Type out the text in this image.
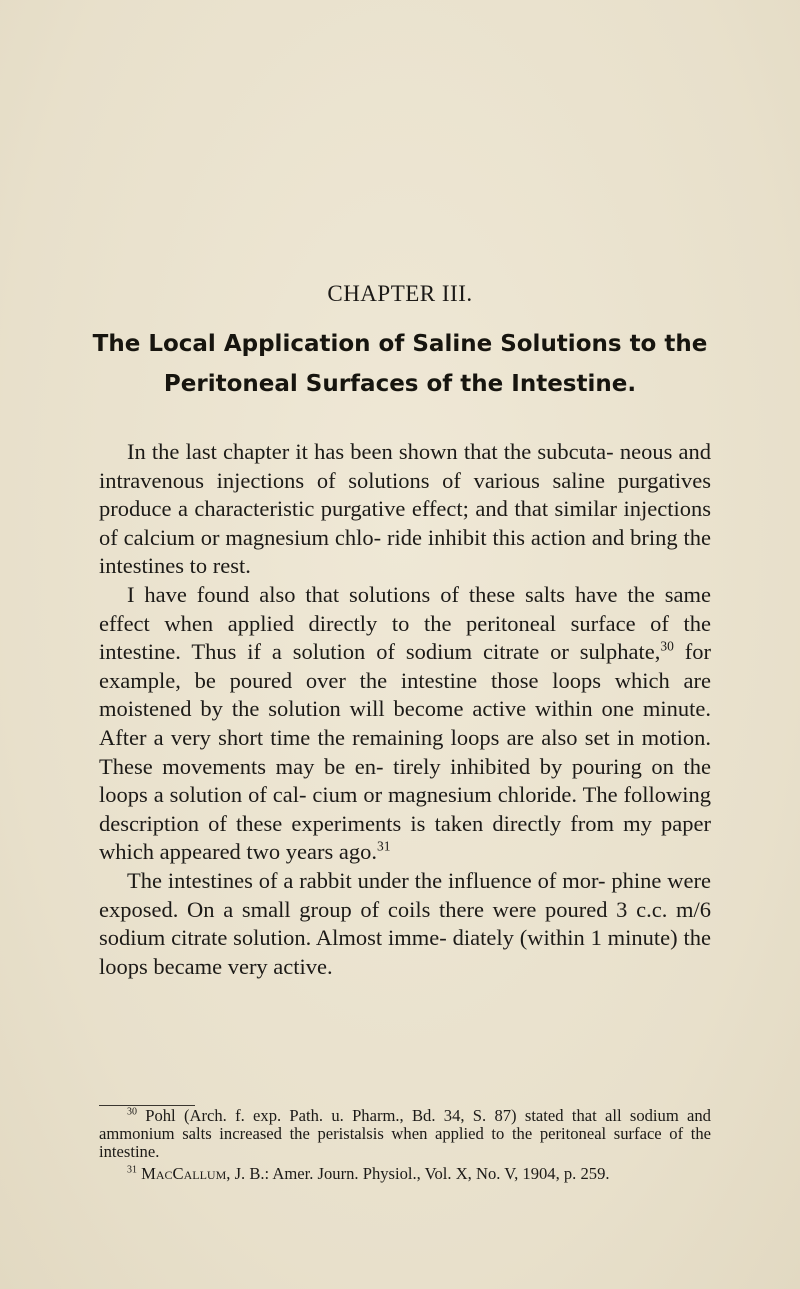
CHAPTER III.
The Local Application of Saline Solutions to the
Peritoneal Surfaces of the Intestine.

In the last chapter it has been shown that the subcuta- neous and intravenous injections of solutions of various saline purgatives produce a characteristic purgative effect; and that similar injections of calcium or magnesium chlo- ride inhibit this action and bring the intestines to rest.

I have found also that solutions of these salts have the same effect when applied directly to the peritoneal surface of the intestine. Thus if a solution of sodium citrate or sulphate,$^{30}$ for example, be poured over the intestine those loops which are moistened by the solution will become active within one minute. After a very short time the remaining loops are also set in motion. These movements may be en- tirely inhibited by pouring on the loops a solution of cal- cium or magnesium chloride. The following description of these experiments is taken directly from my paper which appeared two years ago.$^{31}$

The intestines of a rabbit under the influence of mor- phine were exposed. On a small group of coils there were poured 3 c.c. m/6 sodium citrate solution. Almost imme- diately (within 1 minute) the loops became very active.

$^{30}$ Pohl (Arch. f. exp. Path. u. Pharm., Bd. 34, S. 87) stated that all sodium and ammonium salts increased the peristalsis when applied to the peritoneal surface of the intestine.

$^{31}$ MacCallum, J. B.: Amer. Journ. Physiol., Vol. X, No. V, 1904, p. 259.
